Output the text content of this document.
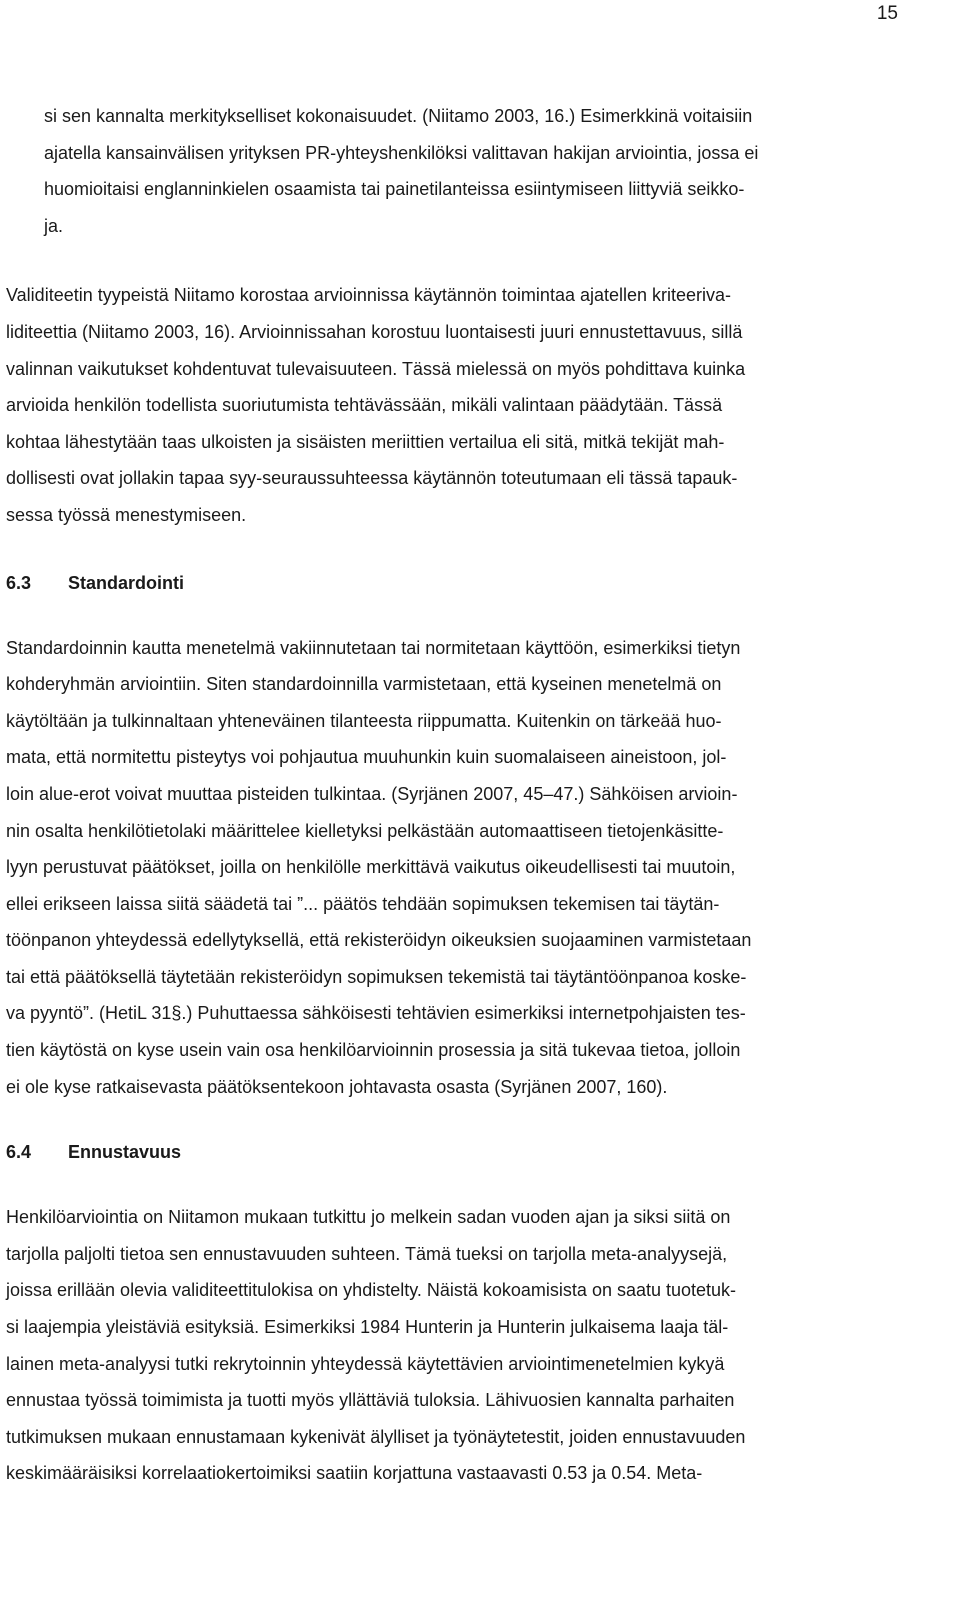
15

si sen kannalta merkitykselliset kokonaisuudet. (Niitamo 2003, 16.) Esimerkkinä voitaisiin
ajatella kansainvälisen yrityksen PR-yhteyshenkilöksi valittavan hakijan arviointia, jossa ei
huomioitaisi englanninkielen osaamista tai painetilanteissa esiintymiseen liittyviä seikko-
ja.

Validiteetin tyypeistä Niitamo korostaa arvioinnissa käytännön toimintaa ajatellen kriteeriva-
liditeettia (Niitamo 2003, 16). Arvioinnissahan korostuu luontaisesti juuri ennustettavuus, sillä
valinnan vaikutukset kohdentuvat tulevaisuuteen. Tässä mielessä on myös pohdittava kuinka
arvioida henkilön todellista suoriutumista tehtävässään, mikäli valintaan päädytään. Tässä
kohtaa lähestytään taas ulkoisten ja sisäisten meriittien vertailua eli sitä, mitkä tekijät mah-
dollisesti ovat jollakin tapaa syy-seuraussuhteessa käytännön toteutumaan eli tässä tapauk-
sessa työssä menestymiseen.

6.3	Standardointi

Standardoinnin kautta menetelmä vakiinnutetaan tai normitetaan käyttöön, esimerkiksi tietyn
kohderyhmän arviointiin. Siten standardoinnilla varmistetaan, että kyseinen menetelmä on
käytöltään ja tulkinnaltaan yhteneväinen tilanteesta riippumatta. Kuitenkin on tärkeää huo-
mata, että normitettu pisteytys voi pohjautua muuhunkin kuin suomalaiseen aineistoon, jol-
loin alue-erot voivat muuttaa pisteiden tulkintaa. (Syrjänen 2007, 45–47.) Sähköisen arvioin-
nin osalta henkilötietolaki määrittelee kielletyksi pelkästään automaattiseen tietojenkäsitte-
lyyn perustuvat päätökset, joilla on henkilölle merkittävä vaikutus oikeudellisesti tai muutoin,
ellei erikseen laissa siitä säädetä tai ”... päätös tehdään sopimuksen tekemisen tai täytän-
töönpanon yhteydessä edellytyksellä, että rekisteröidyn oikeuksien suojaaminen varmistetaan
tai että päätöksellä täytetään rekisteröidyn sopimuksen tekemistä tai täytäntöönpanoa koske-
va pyyntö”. (HetiL 31§.) Puhuttaessa sähköisesti tehtävien esimerkiksi internetpohjaisten tes-
tien käytöstä on kyse usein vain osa henkilöarvioinnin prosessia ja sitä tukevaa tietoa, jolloin
ei ole kyse ratkaisevasta päätöksentekoon johtavasta osasta (Syrjänen 2007, 160).

6.4	Ennustavuus

Henkilöarviointia on Niitamon mukaan tutkittu jo melkein sadan vuoden ajan ja siksi siitä on
tarjolla paljolti tietoa sen ennustavuuden suhteen. Tämä tueksi on tarjolla meta-analyysejä,
joissa erillään olevia validiteettitulokisa on yhdistelty. Näistä kokoamisista on saatu tuotetuk-
si laajempia yleistäviä esityksiä. Esimerkiksi 1984 Hunterin ja Hunterin julkaisema laaja täl-
lainen meta-analyysi tutki rekrytoinnin yhteydessä käytettävien arviointimenetelmien kykyä
ennustaa työssä toimimista ja tuotti myös yllättäviä tuloksia. Lähivuosien kannalta parhaiten
tutkimuksen mukaan ennustamaan kykenivät älylliset ja työnäytetestit, joiden ennustavuuden
keskimääräisiksi korrelaatiokertoimiksi saatiin korjattuna vastaavasti 0.53 ja 0.54. Meta-
